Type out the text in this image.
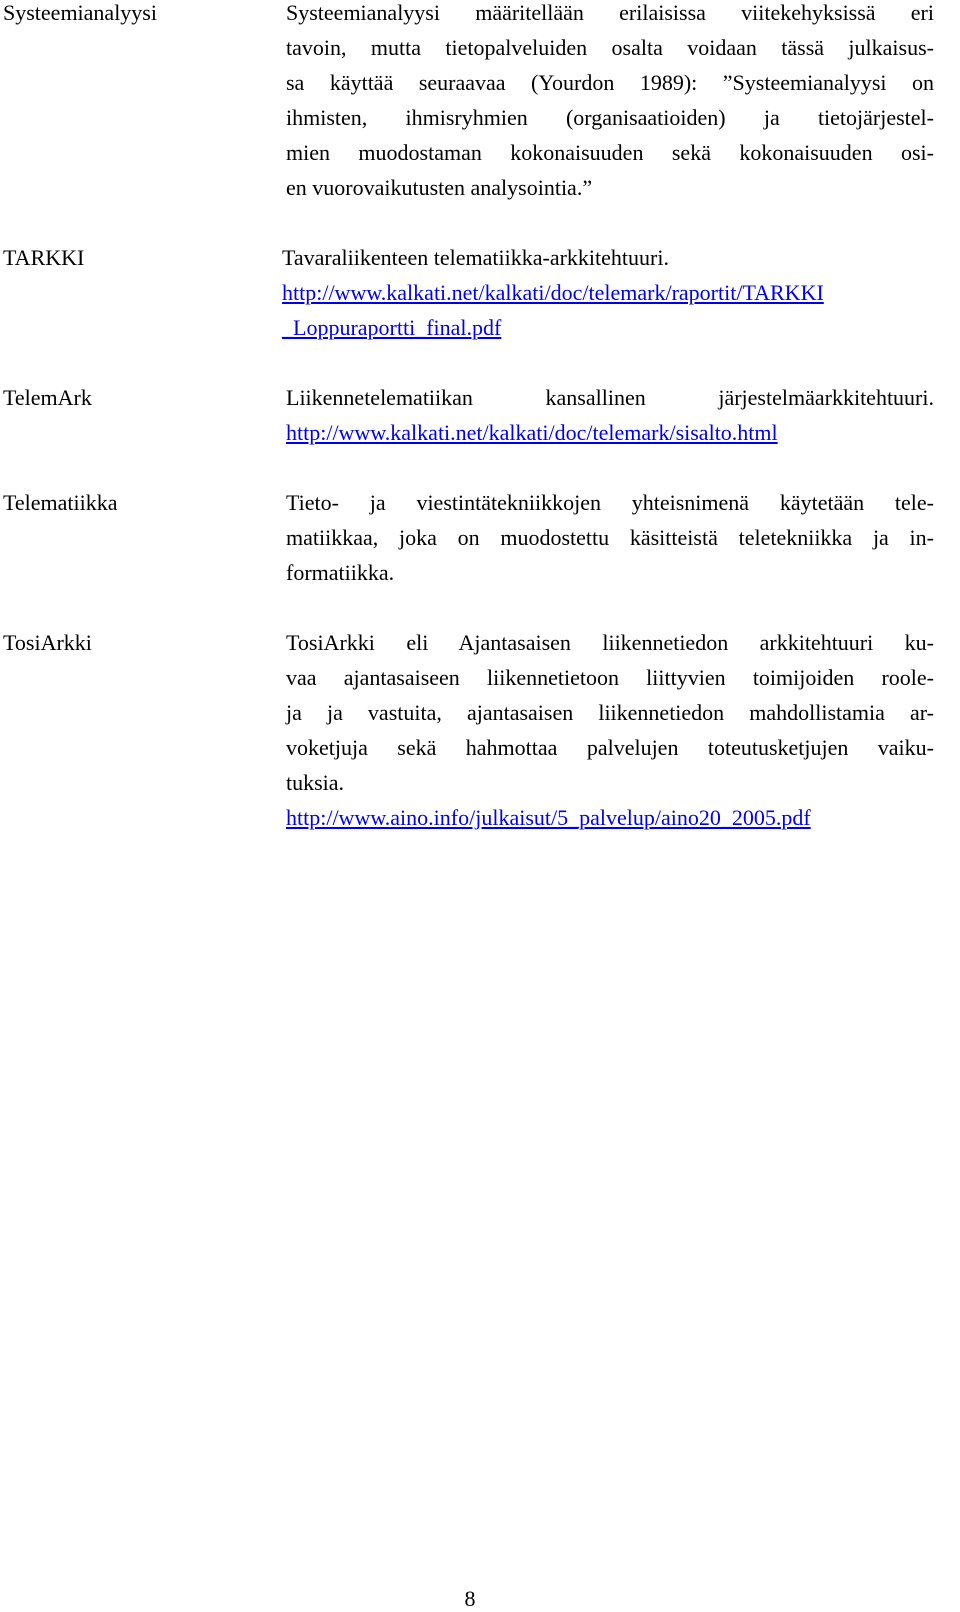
Systeemianalyysi	Systeemianalyysi määritellään erilaisissa viitekehyksissä eri
tavoin, mutta tietopalveluiden osalta voidaan tässä julkaisus-
sa käyttää seuraavaa (Yourdon 1989): ”Systeemianalyysi on
ihmisten, ihmisryhmien (organisaatioiden) ja tietojärjestel-
mien muodostaman kokonaisuuden sekä kokonaisuuden osi-
en vuorovaikutusten analysointia.”
TARKKI	Tavaraliikenteen telematiikka-arkkitehtuuri.
http://www.kalkati.net/kalkati/doc/telemark/raportit/TARKKI
_Loppuraportti_final.pdf
TelemArk	Liikennetelematiikan kansallinen järjestelmäarkkitehtuuri.
http://www.kalkati.net/kalkati/doc/telemark/sisalto.html
Telematiikka	Tieto- ja viestintätekniikkojen yhteisnimenä käytetään tele-
matiikkaa, joka on muodostettu käsitteistä teletekniikka ja in-
formatiikka.
TosiArkki	TosiArkki eli Ajantasaisen liikennetiedon arkkitehtuuri ku-
vaa ajantasaiseen liikennetietoon liittyvien toimijoiden roole-
ja ja vastuita, ajantasaisen liikennetiedon mahdollistamia ar-
voketjuja sekä hahmottaa palvelujen toteutusketjujen vaiku-
tuksia.
http://www.aino.info/julkaisut/5_palvelup/aino20_2005.pdf
8
